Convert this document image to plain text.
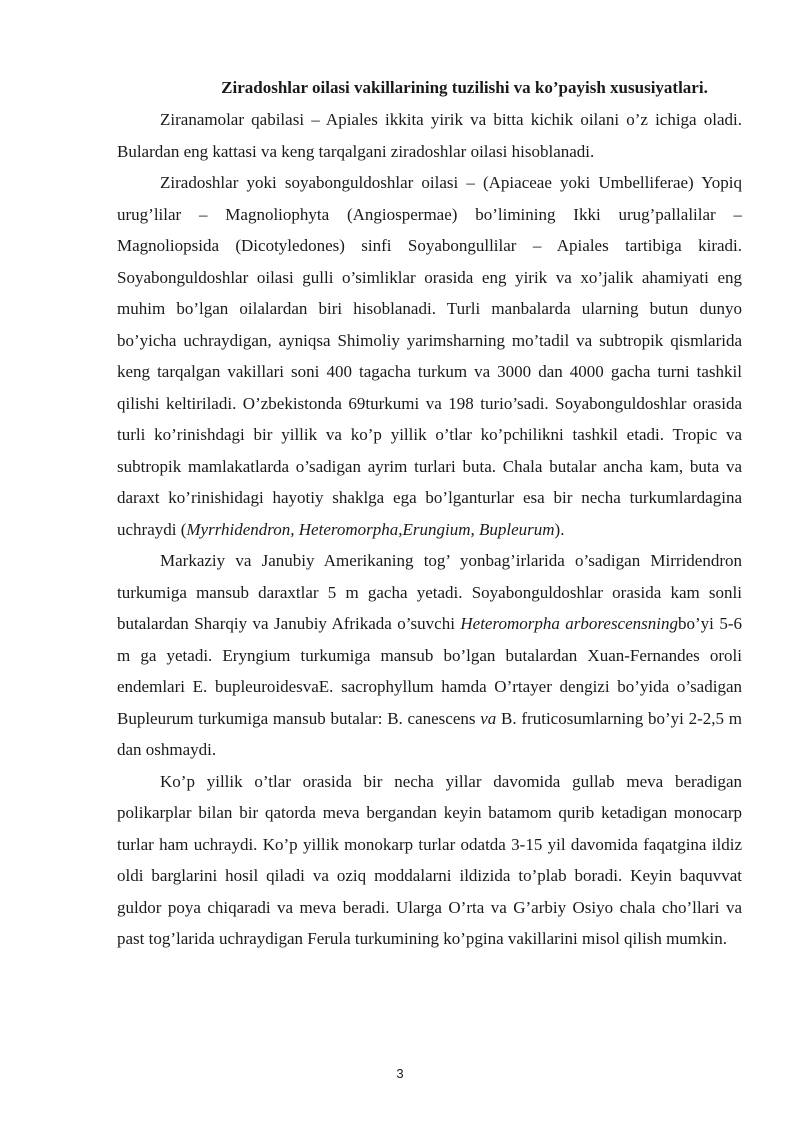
Ziradoshlar oilasi vakillarining tuzilishi va ko’payish xususiyatlari.

Ziranamolar qabilasi – Apiales ikkita yirik va bitta kichik oilani o’z ichiga oladi. Bulardan eng kattasi va keng tarqalgani ziradoshlar oilasi hisoblanadi.

Ziradoshlar yoki soyabonguldoshlar oilasi – (Apiaceae yoki Umbelliferae) Yopiq urug’lilar – Magnoliophyta (Angiospermae) bo’limining Ikki urug’pallalilar – Magnoliopsida (Dicotyledones) sinfi Soyabongullilar – Apiales tartibiga kiradi. Soyabonguldoshlar oilasi gulli o’simliklar orasida eng yirik va xo’jalik ahamiyati eng muhim bo’lgan oilalardan biri hisoblanadi. Turli manbalarda ularning butun dunyo bo’yicha uchraydigan, ayniqsa Shimoliy yarimsharning mo’tadil va subtropik qismlarida keng tarqalgan vakillari soni 400 tagacha turkum va 3000 dan 4000 gacha turni tashkil qilishi keltiriladi. O’zbekistonda 69turkumi va 198 turio’sadi. Soyabonguldoshlar orasida turli ko’rinishdagi bir yillik va ko’p yillik o’tlar ko’pchilikni tashkil etadi. Tropic va subtropik mamlakatlarda o’sadigan ayrim turlari buta. Chala butalar ancha kam, buta va daraxt ko’rinishidagi hayotiy shaklga ega bo’lganturlar esa bir necha turkumlardagina uchraydi (Myrrhidendron, Heteromorpha,Erungium, Bupleurum).

Markaziy va Janubiy Amerikaning tog’ yonbag’irlarida o’sadigan Mirridendron turkumiga mansub daraxtlar 5 m gacha yetadi. Soyabonguldoshlar orasida kam sonli butalardan Sharqiy va Janubiy Afrikada o’suvchi Heteromorpha arborescensningbo’yi 5-6 m ga yetadi. Eryngium turkumiga mansub bo’lgan butalardan Xuan-Fernandes oroli endemlari E. bupleuroidesvaE. sacrophyllum hamda O’rtayer dengizi bo’yida o’sadigan Bupleurum turkumiga mansub butalar: B. canescens va B. fruticosumlarning bo’yi 2-2,5 m dan oshmaydi.

Ko’p yillik o’tlar orasida bir necha yillar davomida gullab meva beradigan polikarplar bilan bir qatorda meva bergandan keyin batamom qurib ketadigan monocarp turlar ham uchraydi. Ko’p yillik monokarp turlar odatda 3-15 yil davomida faqatgina ildiz oldi barglarini hosil qiladi va oziq moddalarni ildizida to’plab boradi. Keyin baquvvat guldor poya chiqaradi va meva beradi. Ularga O’rta va G’arbiy Osiyo chala cho’llari va past tog’larida uchraydigan Ferula turkumining ko’pgina vakillarini misol qilish mumkin.

3
